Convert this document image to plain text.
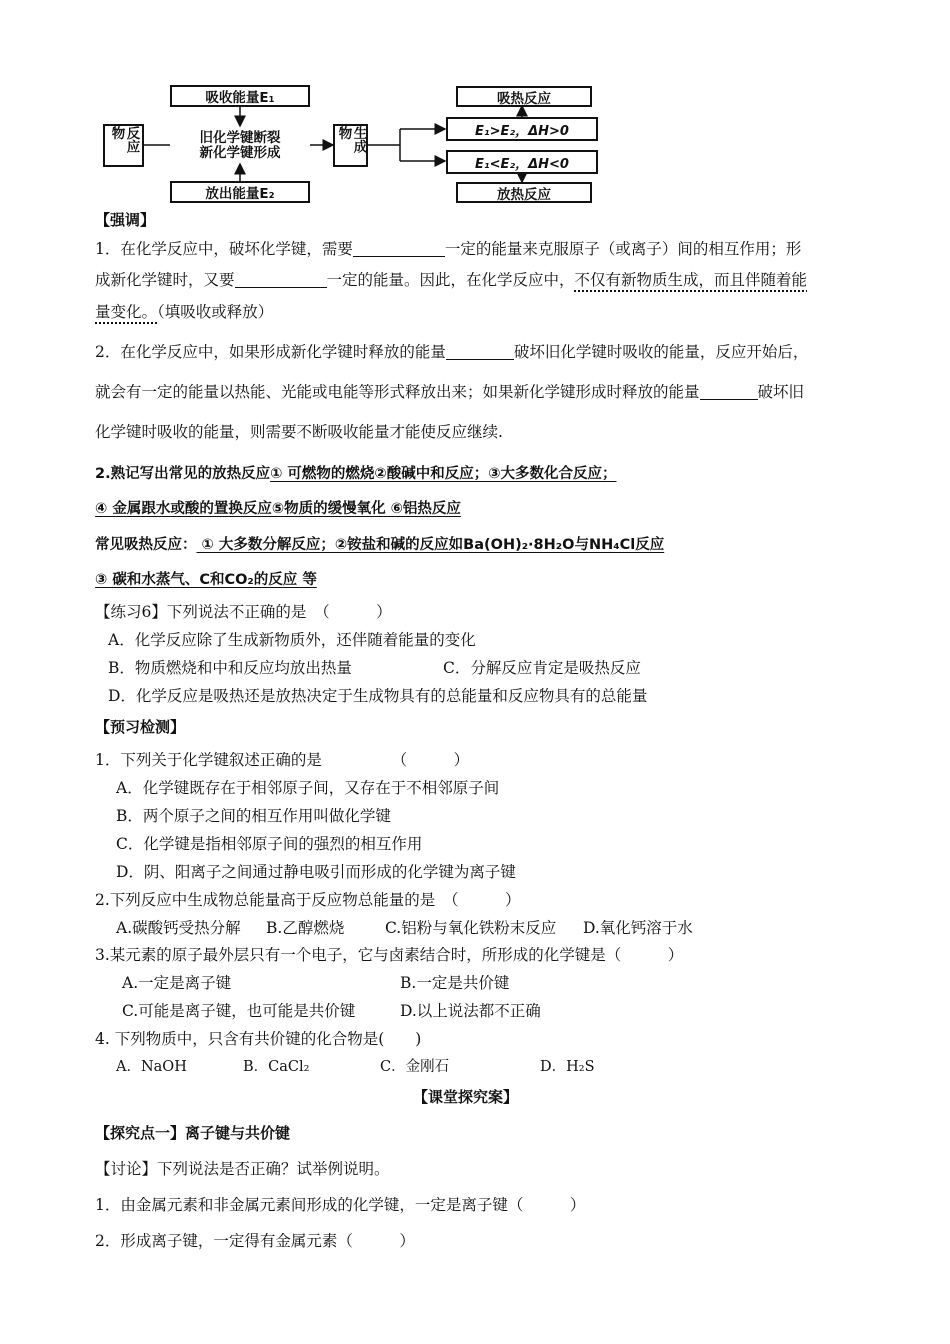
吸收能量E₁
反应物	旧化学键断裂
新化学键形成	生成物
放出能量E₂
吸热反应
E₁>E₂，ΔH>0
E₁<E₂，ΔH<0
放热反应
【强调】
1．在化学反应中，破坏化学键，需要	一定的能量来克服原子（或离子）间的相互作用；形
成新化学键时，又要	一定的能量。因此，在化学反应中，不仅有新物质生成，而且伴随着能
量变化。（填吸收或释放）
2．在化学反应中，如果形成新化学键时释放的能量	破坏旧化学键时吸收的能量，反应开始后，
就会有一定的能量以热能、光能或电能等形式释放出来；如果新化学键形成时释放的能量	破坏旧
化学键时吸收的能量，则需要不断吸收能量才能使反应继续.
2.熟记写出常见的放热反应① 可燃物的燃烧②酸碱中和反应；③大多数化合反应；
④ 金属跟水或酸的置换反应⑤物质的缓慢氧化 ⑥铝热反应
常见吸热反应： ① 大多数分解反应；②铵盐和碱的反应如Ba(OH)₂·8H₂O与NH₄Cl反应
③ 碳和水蒸气、C和CO₂的反应 等
【练习6】下列说法不正确的是　（　　　）
A．化学反应除了生成新物质外，还伴随着能量的变化
B．物质燃烧和中和反应均放出热量	C．分解反应肯定是吸热反应
D．化学反应是吸热还是放热决定于生成物具有的总能量和反应物具有的总能量
【预习检测】
1．下列关于化学键叙述正确的是　　　　　（　　　）
A．化学键既存在于相邻原子间，又存在于不相邻原子间
B．两个原子之间的相互作用叫做化学键
C．化学键是指相邻原子间的强烈的相互作用
D．阴、阳离子之间通过静电吸引而形成的化学键为离子键
2.下列反应中生成物总能量高于反应物总能量的是　（　　　）
A.碳酸钙受热分解 B.乙醇燃烧	C.铝粉与氧化铁粉末反应 D.氧化钙溶于水
3.某元素的原子最外层只有一个电子，它与卤素结合时，所形成的化学键是（　　　）
A.一定是离子键	B.一定是共价键
C.可能是离子键，也可能是共价键	D.以上说法都不正确
4. 下列物质中，只含有共价键的化合物是(　　)
A．NaOH	B．CaCl₂	C．金刚石	D．H₂S
【课堂探究案】
【探究点一】离子键与共价键
【讨论】下列说法是否正确？试举例说明。
1．由金属元素和非金属元素间形成的化学键，一定是离子键（　　　）
2．形成离子键，一定得有金属元素（　　　）
